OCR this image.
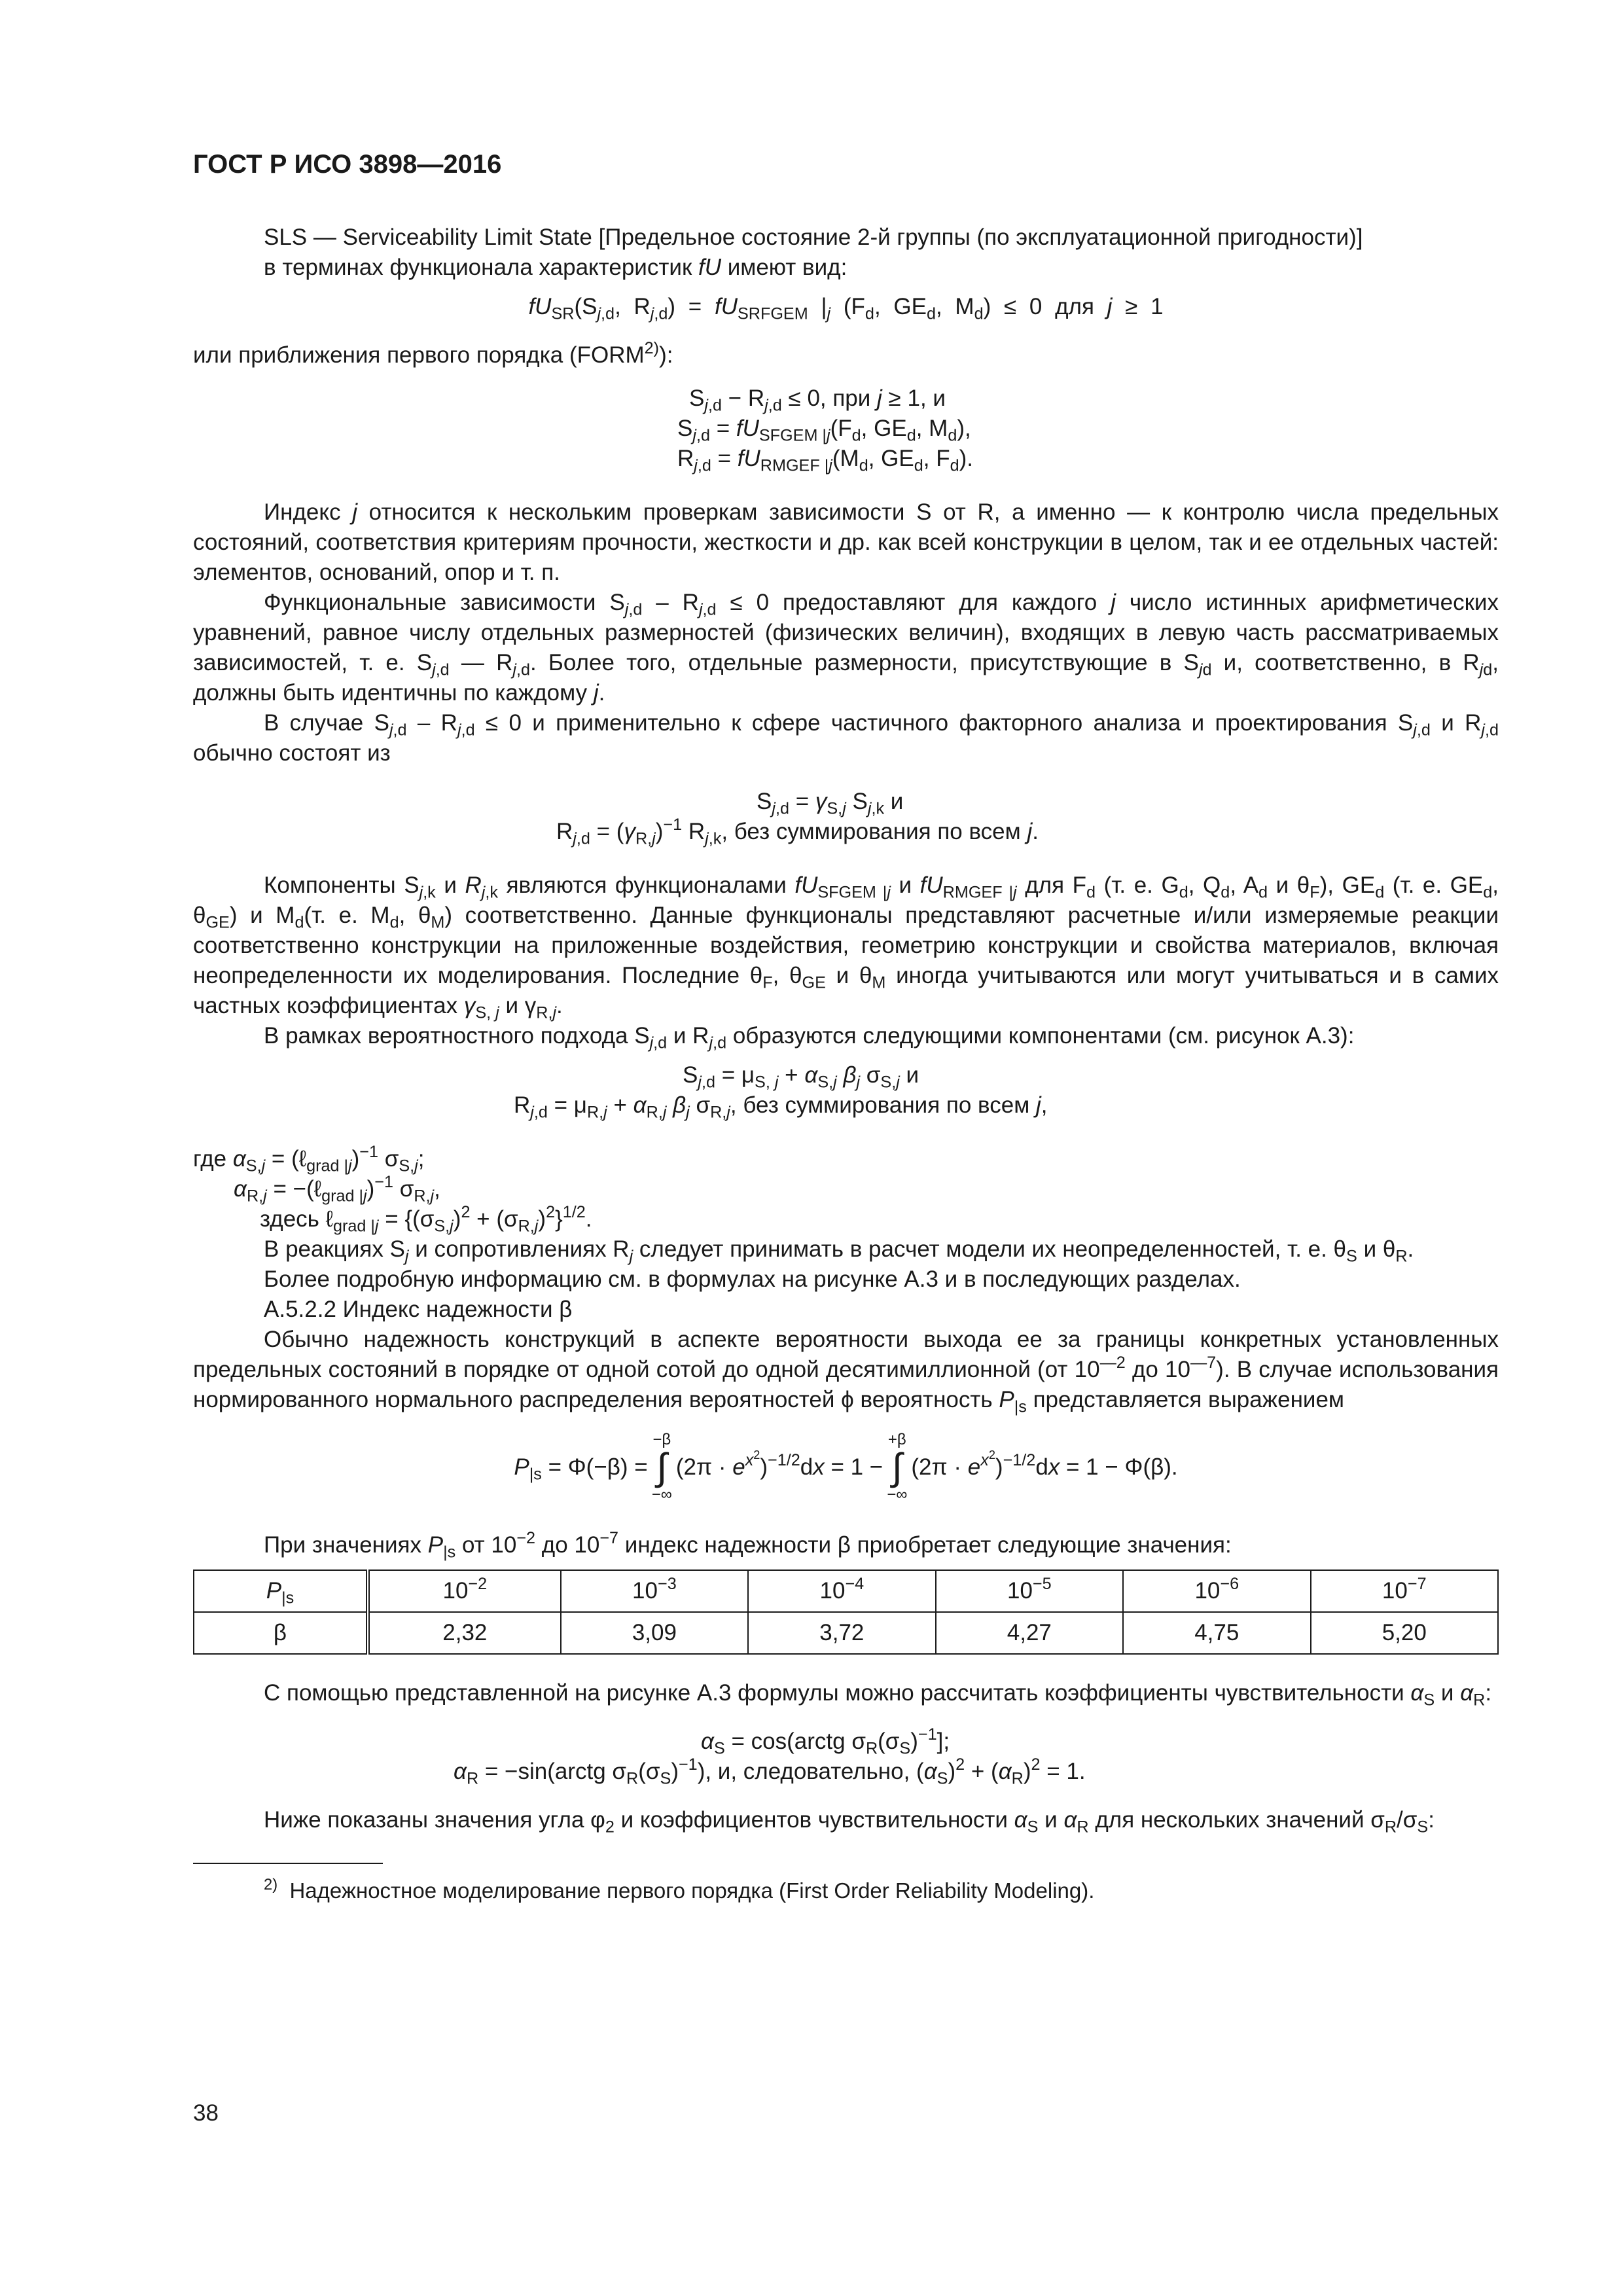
ГОСТ Р ИСО 3898—2016

SLS — Serviceability Limit State [Предельное состояние 2-й группы (по эксплуатационной пригодности)]
в терминах функционала характеристик fU имеют вид:

$fU_{SR}(S_{j,d}$, $R_{j,d}) = fU_{SRFGEM}$ $|_j$ ($F_d$, $GE_d$, $M_d) \le 0$ для j ≥ 1

или приближения первого порядка (FORM$^{2)}$):

$S_{j,d} - R_{j,d} \le 0$, при j ≥ 1, и
$S_{j,d} = fU_{SFGEM |j}(F_d$, $GE_d$, $M_d$),
$R_{j,d} = fU_{RMGEF |j}(M_d$, $GE_d$, $F_d$).

Индекс j относится к нескольким проверкам зависимости S от R, а именно — к контролю числа предельных состояний, соответствия критериям прочности, жесткости и др. как всей конструкции в целом, так и ее отдельных частей: элементов, оснований, опор и т. п.

Функциональные зависимости $S_{j,d} - R_{j,d} \le 0$ предоставляют для каждого j число истинных арифметических уравнений, равное числу отдельных размерностей (физических величин), входящих в левую часть рассматриваемых зависимостей, т. е. $S_{j,d}$ — $R_{j,d}$. Более того, отдельные размерности, присутствующие в $S_{jd}$ и, соответственно, в $R_{jd}$, должны быть идентичны по каждому j.

В случае $S_{j,d} - R_{j,d} \le 0$ и применительно к сфере частичного факторного анализа и проектирования $S_{j,d}$ и $R_{j,d}$ обычно состоят из

$S_{j,d} = \gamma_{S,j}$ $S_{j,k}$ и
$R_{j,d} = (\gamma_{R,j})^{-1}$ $R_{j,k}$, без суммирования по всем j.

Компоненты $S_{j,k}$ и $R_{j,k}$ являются функционалами $fU_{SFGEM |j}$ и $fU_{RMGEF |j}$ для $F_d$ (т. е. $G_d$, $Q_d$, $A_d$ и $\theta_F$), $GE_d$ (т. е. $GE_d$, $\theta_{GE}$) и $M_d(т$. е. $M_d$, $\theta_M$) соответственно. Данные функционалы представляют расчетные и/или измеряемые реакции соответственно конструкции на приложенные воздействия, геометрию конструкции и свойства материалов, включая неопределенности их моделирования. Последние $\theta_F$, $\theta_{GE}$ и $\theta_M$ иногда учитываются или могут учитываться и в самих частных коэффициентах $\gamma_{S, j}$ и $\gamma_{R,j}$.

В рамках вероятностного подхода $S_{j,d}$ и $R_{j,d}$ образуются следующими компонентами (см. рисунок А.3):

$S_{j,d} = \mu_{S, j} + \alpha_{S,j}$ $\beta_j$ $\sigma_{S,j}$ и
$R_{j,d} = \mu_{R,j} + \alpha_{R,j}$ $\beta_j$ $\sigma_{R,j}$, без суммирования по всем j,
где $\alpha_{S,j}$ = (ℓ$_{grad |j}$)$^{-1}$ $\sigma_{S,j}$;
$\alpha_{R,j}$ = −(ℓ$_{grad |j}$)$^{-1}$ $\sigma_{R,j}$,
здесь ℓ$_{grad |j}$ = $\{(\sigma_{S,j})^2 + (\sigma_{R,j})^2\}^{1/2}$.

В реакциях $S_j$ и сопротивлениях $R_j$ следует принимать в расчет модели их неопределенностей, т. е. $\theta_S$ и $\theta_R$.

Более подробную информацию см. в формулах на рисунке А.3 и в последующих разделах.

А.5.2.2 Индекс надежности β

Обычно надежность конструкций в аспекте вероятности выхода ее за границы конкретных установленных предельных состояний в порядке от одной сотой до одной десятимиллионной (от $10^{—2}$ до $10^{—7}$). В случае использования нормированного нормального распределения вероятностей ϕ вероятность $P_{|s}$ представляется выражением

$P_{|s} = \Phi(-\beta)$ =
−β
∫
−∞
$(2\pi \cdot e^{x^2})^{-1/2}dx = 1$ −
+β
∫
−∞
$(2\pi \cdot e^{x^2})^{-1/2}dx = 1 - \Phi(\beta)$.

При значениях $P_{|s}$ от $10^{-2}$ до $10^{-7}$ индекс надежности β приобретает следующие значения:

$P_{|s}$	$10^{-2}$	$10^{-3}$	$10^{-4}$	$10^{-5}$	$10^{-6}$	$10^{-7}$
β	2,32	3,09	3,72	4,27	4,75	5,20

С помощью представленной на рисунке А.3 формулы можно рассчитать коэффициенты чувствительности $\alpha_S$ и $\alpha_R$:

$\alpha_S$ = cos(arctg $\sigma_R(\sigma_S)^{-1}$];
$\alpha_R$ = −sin(arctg $\sigma_R(\sigma_S)^{-1}$), и, следовательно, $(\alpha_S)^2 + (\alpha_R)^2 = 1$.

Ниже показаны значения угла $\varphi_2$ и коэффициентов чувствительности $\alpha_S$ и $\alpha_R$ для нескольких значений $\sigma_R/\sigma_S$:

$^{2)}$ Надежностное моделирование первого порядка (First Order Reliability Modeling).
38
